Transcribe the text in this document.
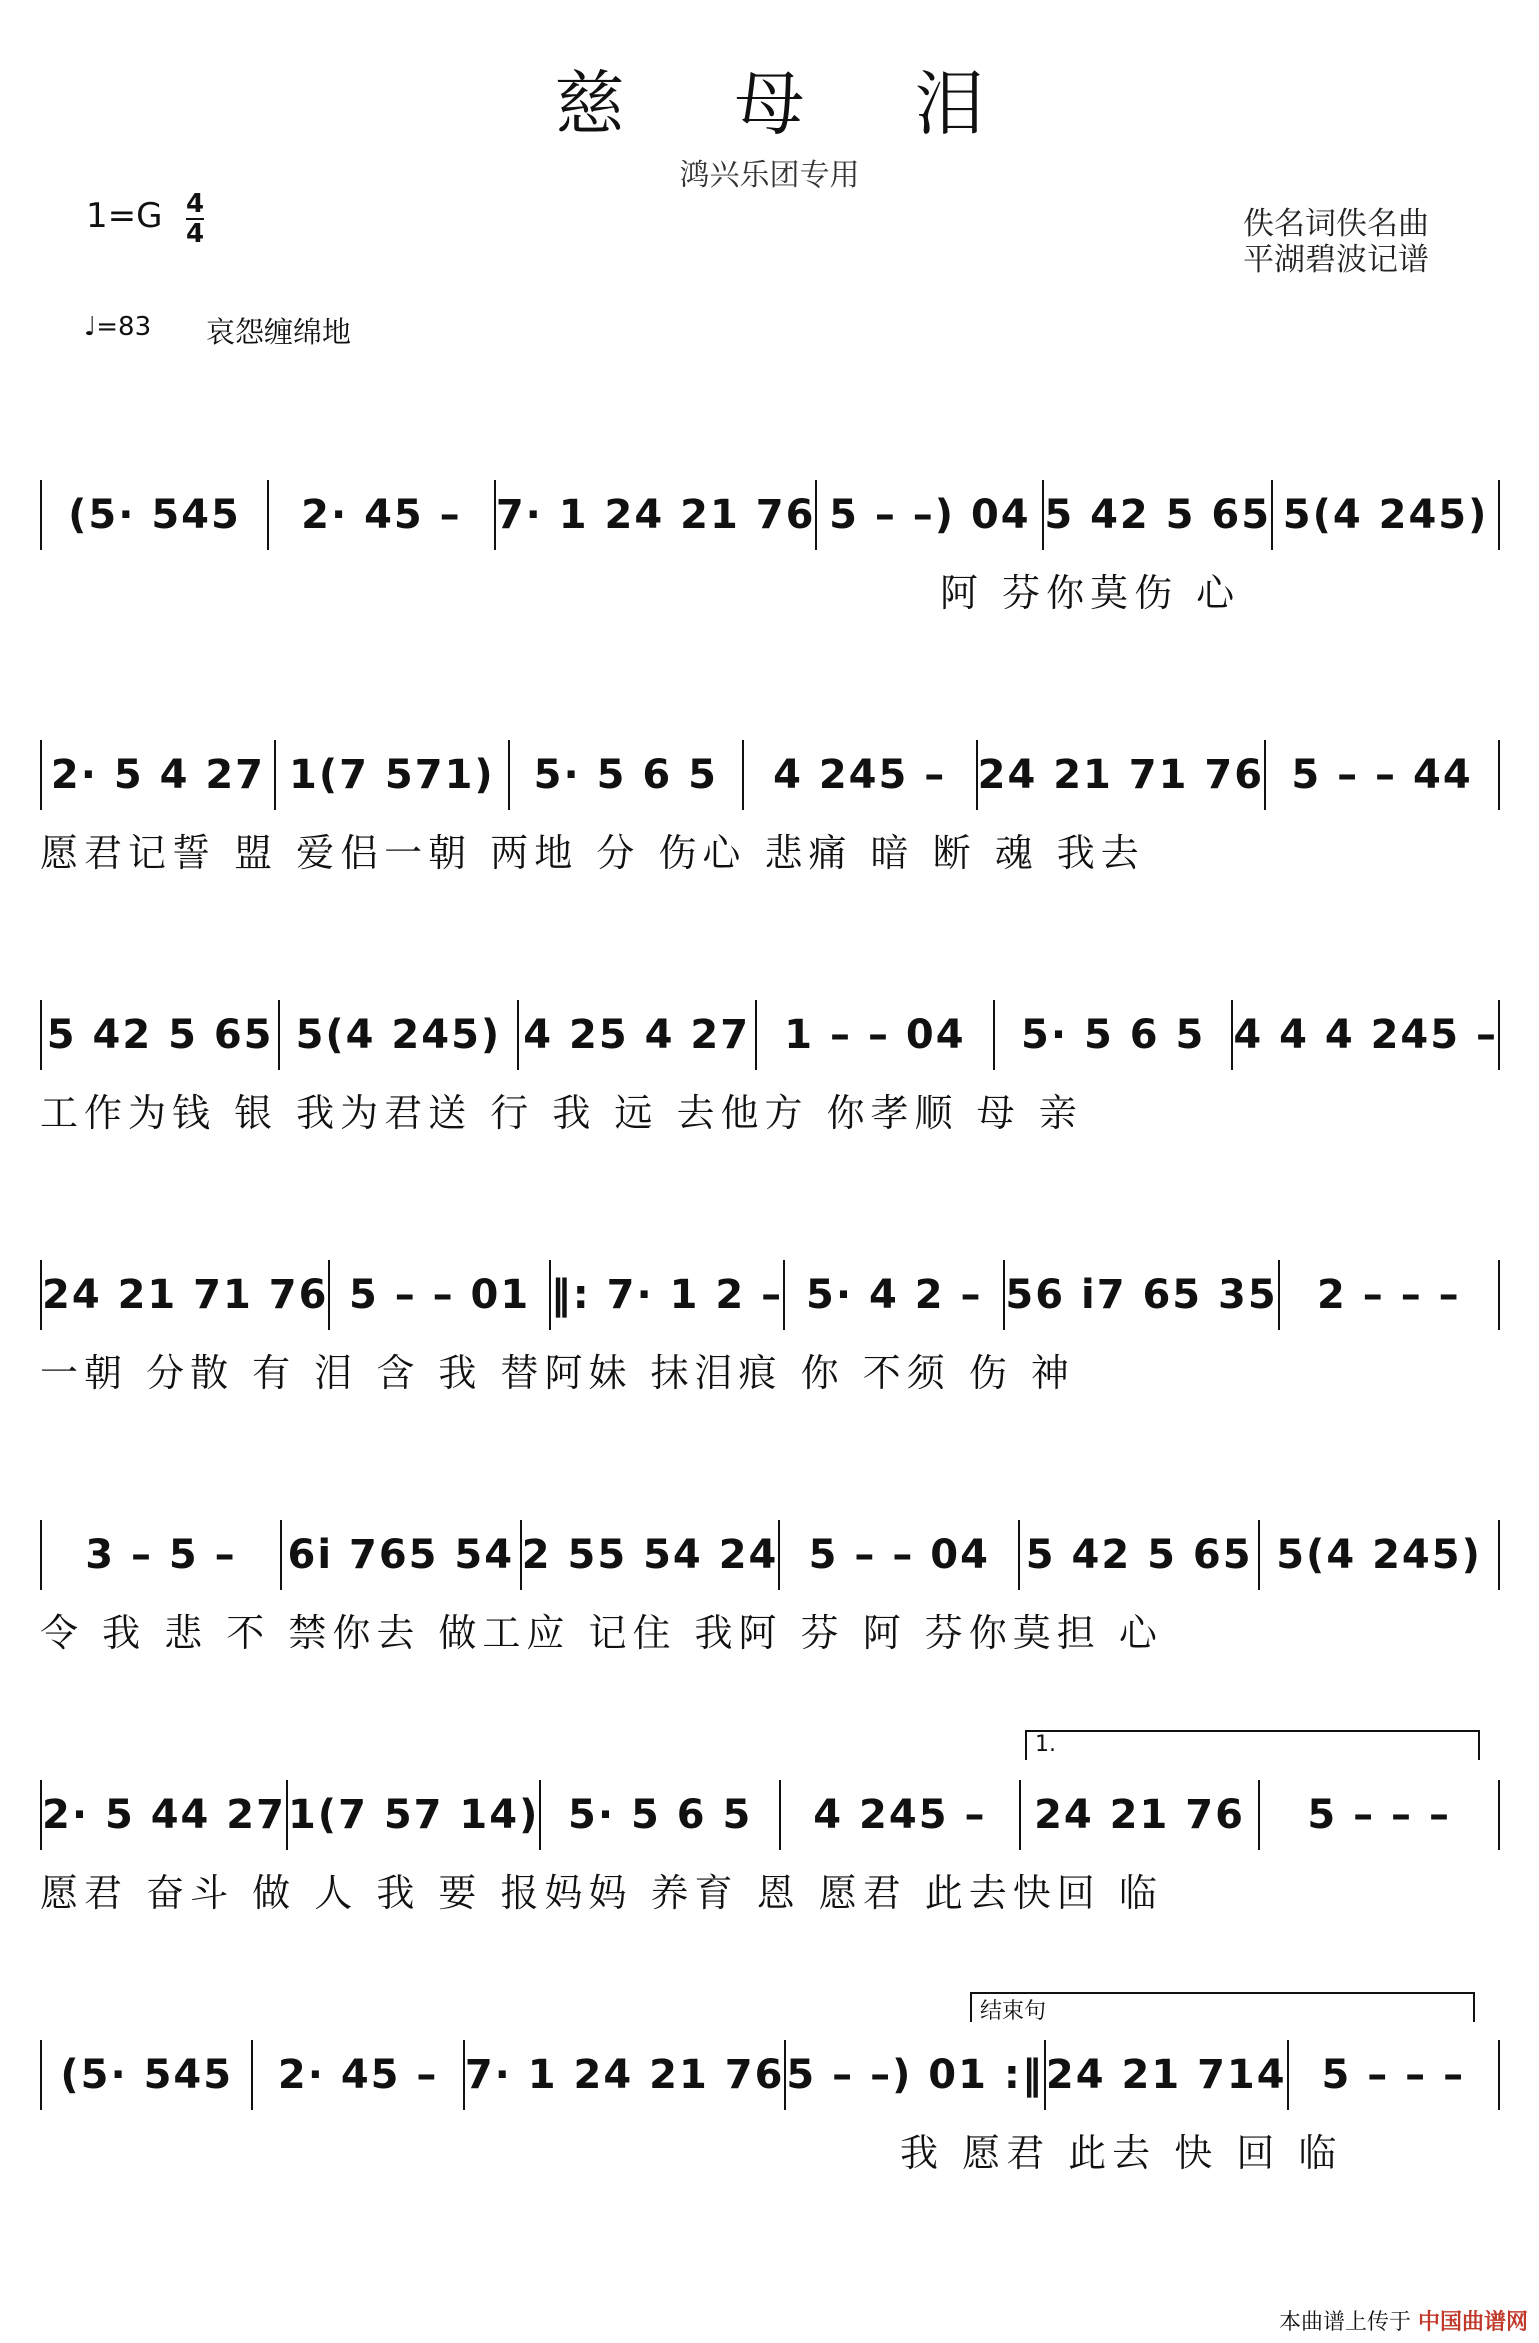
慈母泪
鸿兴乐团专用
1=G 4
4	佚名词佚名曲
平湖碧波记谱
♩=83 哀怨缠绵地
(5· 545	2· 45 – 7· 1 24 21 76 5 – –) 04 5 42 5 65 5(4 245)
阿 芬你莫伤 心
2· 5 4 27 1(7 571) 5· 5 6 5	4 245 – 24 21 71 76 5 – – 44
愿君记誓 盟 爱侣一朝 两地 分 伤心 悲痛 暗 断 魂 我去
5 42 5 65 5(4 245) 4 25 4 27 1 – – 04	5· 5 6 5 4 4 4 245 –
工作为钱 银 我为君送 行 我 远 去他方 你孝顺 母 亲
24 21 71 76 5 – – 01 ‖: 7· 1 2 – 5· 4 2 – 56 i7 65 35 2 – – –
一朝 分散 有 泪 含 我 替阿妹 抹泪痕 你 不须 伤 神
3 – 5 –	6i 765 54 2 55 54 24 5 – – 04 5 42 5 65 5(4 245)
令 我 悲 不 禁你去 做工应 记住 我阿 芬 阿 芬你莫担 心
1.
2· 5 44 27 1(7 57 14) 5· 5 6 5	4 245 –	24 21 76	5 – – –
愿君 奋斗 做 人 我 要 报妈妈 养育 恩 愿君 此去快回 临
结束句
(5· 545	2· 45 – 7· 1 24 21 76 5 – –) 01 :‖ 24 21 714 5 – – –
我 愿君 此去 快 回 临
本曲谱上传于 中国曲谱网
